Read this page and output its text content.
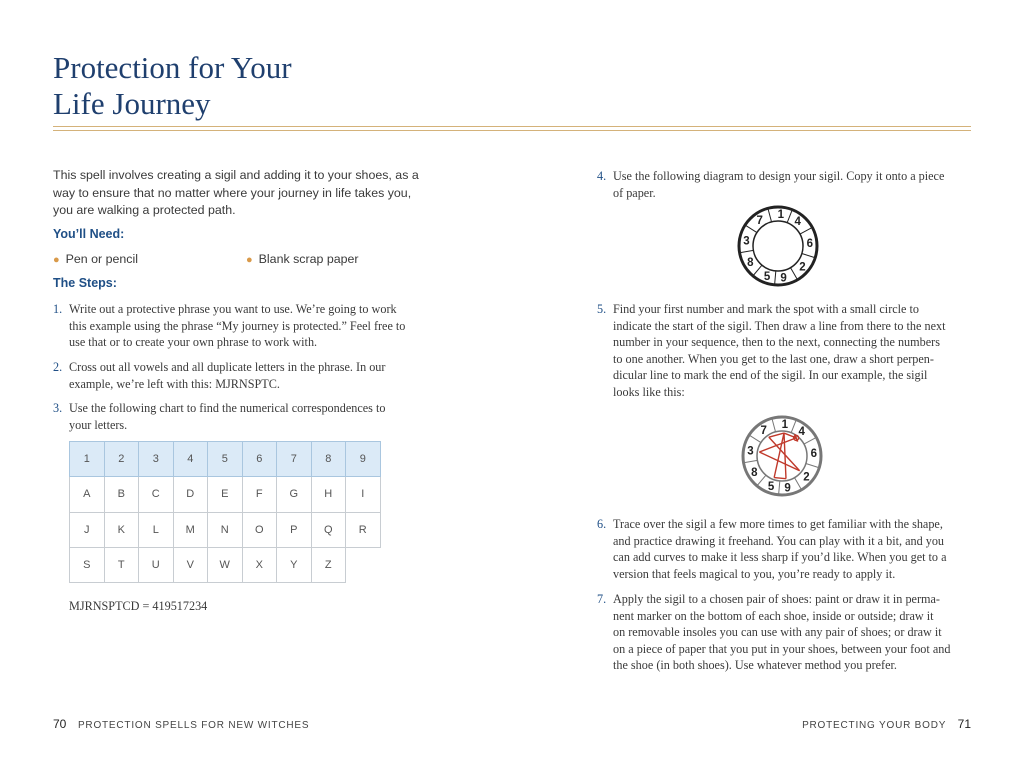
Protection for Your
Life Journey
This spell involves creating a sigil and adding it to your shoes, as a
way to ensure that no matter where your journey in life takes you,
you are walking a protected path.
You’ll Need:
● Pen or pencil	● Blank scrap paper
The Steps:
1. Write out a protective phrase you want to use. We’re going to work
this example using the phrase “My journey is protected.” Feel free to
use that or to create your own phrase to work with.
2. Cross out all vowels and all duplicate letters in the phrase. In our
example, we’re left with this: MJRNSPTC.
3. Use the following chart to find the numerical correspondences to
your letters.
1	2	3	4	5	6	7	8	9
A	B	C	D	E	F	G	H	I
J	K	L	M	N	O	P	Q	R
S	T	U	V	W	X	Y	Z	
MJRNSPTCD = 419517234
4. Use the following diagram to design your sigil. Copy it onto a piece
of paper.
1
2
3
4
5
6
7
8
9
5. Find your first number and mark the spot with a small circle to
indicate the start of the sigil. Then draw a line from there to the next
number in your sequence, then to the next, connecting the numbers
to one another. When you get to the last one, draw a short perpen-
dicular line to mark the end of the sigil. In our example, the sigil
looks like this:
1
2
3
4
5
6
7
8
9
6. Trace over the sigil a few more times to get familiar with the shape,
and practice drawing it freehand. You can play with it a bit, and you
can add curves to make it less sharp if you’d like. When you get to a
version that feels magical to you, you’re ready to apply it.
7. Apply the sigil to a chosen pair of shoes: paint or draw it in perma-
nent marker on the bottom of each shoe, inside or outside; draw it
on removable insoles you can use with any pair of shoes; or draw it
on a piece of paper that you put in your shoes, between your foot and
the shoe (in both shoes). Use whatever method you prefer.
70 PROTECTION SPELLS FOR NEW WITCHES	PROTECTING YOUR BODY 71
